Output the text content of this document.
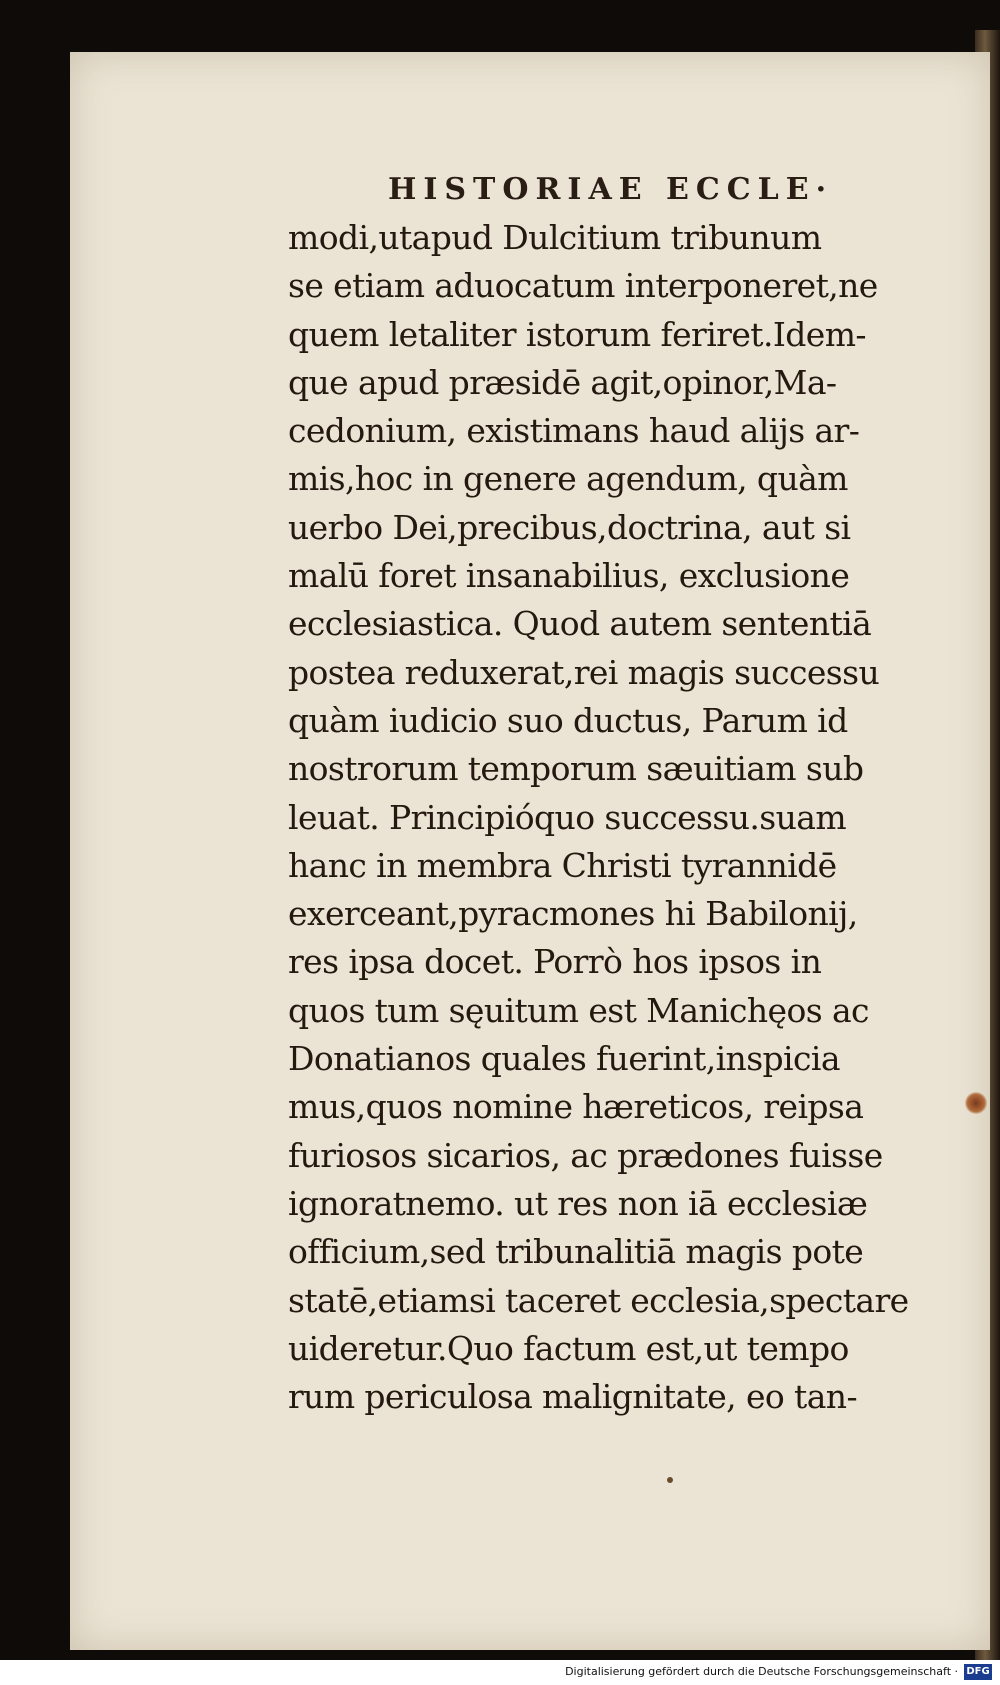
HISTORIAE ECCLE·

modi,utapud Dulcitium tribunum
se etiam aduocatum interponeret,ne
quem letaliter istorum feriret.Idem-
que apud præsidē agit,opinor,Ma-
cedonium, existimans haud alijs ar-
mis,hoc in genere agendum, quàm
uerbo Dei,precibus,doctrina, aut si
malū foret insanabilius, exclusione
ecclesiastica. Quod autem sententiā
postea reduxerat,rei magis successu
quàm iudicio suo ductus, Parum id
nostrorum temporum sæuitiam sub
leuat. Principióquo successu.suam
hanc in membra Christi tyrannidē
exerceant,pyracmones hi Babilonij,
res ipsa docet. Porrò hos ipsos in
quos tum sęuitum est Manichęos ac
Donatianos quales fuerint,inspicia
mus,quos nomine hæreticos, reipsa
furiosos sicarios, ac prædones fuisse
ignoratnemo. ut res non iā ecclesiæ
officium,sed tribunalitiā magis pote
statē,etiamsi taceret ecclesia,spectare
uideretur.Quo factum est,ut tempo
rum periculosa malignitate, eo tan-
Digitalisierung gefördert durch die Deutsche Forschungsgemeinschaft · DFG
